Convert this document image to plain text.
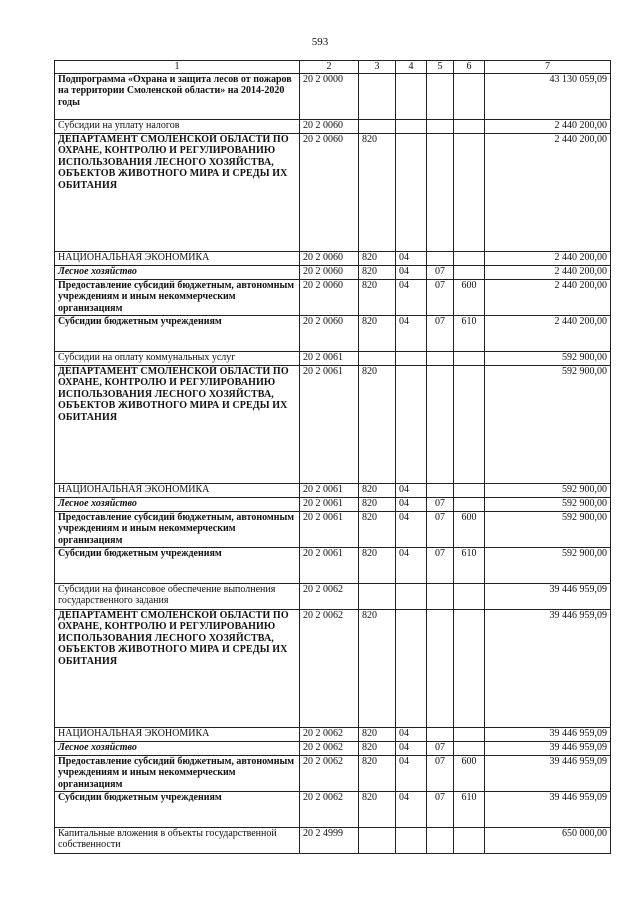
593
1	2	3	4	5	6	7
Подпрограмма «Охрана и защита лесов от пожаров на территории Смоленской области» на 2014-2020 годы	20 2 0000					43 130 059,09
Субсидии на уплату налогов	20 2 0060					2 440 200,00
ДЕПАРТАМЕНТ СМОЛЕНСКОЙ ОБЛАСТИ ПО ОХРАНЕ, КОНТРОЛЮ И РЕГУЛИРОВАНИЮ ИСПОЛЬЗОВАНИЯ ЛЕСНОГО ХОЗЯЙСТВА, ОБЪЕКТОВ ЖИВОТНОГО МИРА И СРЕДЫ ИХ ОБИТАНИЯ	20 2 0060	820				2 440 200,00
НАЦИОНАЛЬНАЯ ЭКОНОМИКА	20 2 0060	820	04			2 440 200,00
Лесное хозяйство	20 2 0060	820	04	07		2 440 200,00
Предоставление субсидий бюджетным, автономным учреждениям и иным некоммерческим организациям	20 2 0060	820	04	07	600	2 440 200,00
Субсидии бюджетным учреждениям	20 2 0060	820	04	07	610	2 440 200,00
Субсидии на оплату коммунальных услуг	20 2 0061					592 900,00
ДЕПАРТАМЕНТ СМОЛЕНСКОЙ ОБЛАСТИ ПО ОХРАНЕ, КОНТРОЛЮ И РЕГУЛИРОВАНИЮ ИСПОЛЬЗОВАНИЯ ЛЕСНОГО ХОЗЯЙСТВА, ОБЪЕКТОВ ЖИВОТНОГО МИРА И СРЕДЫ ИХ ОБИТАНИЯ	20 2 0061	820				592 900,00
НАЦИОНАЛЬНАЯ ЭКОНОМИКА	20 2 0061	820	04			592 900,00
Лесное хозяйство	20 2 0061	820	04	07		592 900,00
Предоставление субсидий бюджетным, автономным учреждениям и иным некоммерческим организациям	20 2 0061	820	04	07	600	592 900,00
Субсидии бюджетным учреждениям	20 2 0061	820	04	07	610	592 900,00
Субсидии на финансовое обеспечение выполнения государственного задания	20 2 0062					39 446 959,09
ДЕПАРТАМЕНТ СМОЛЕНСКОЙ ОБЛАСТИ ПО ОХРАНЕ, КОНТРОЛЮ И РЕГУЛИРОВАНИЮ ИСПОЛЬЗОВАНИЯ ЛЕСНОГО ХОЗЯЙСТВА, ОБЪЕКТОВ ЖИВОТНОГО МИРА И СРЕДЫ ИХ ОБИТАНИЯ	20 2 0062	820				39 446 959,09
НАЦИОНАЛЬНАЯ ЭКОНОМИКА	20 2 0062	820	04			39 446 959,09
Лесное хозяйство	20 2 0062	820	04	07		39 446 959,09
Предоставление субсидий бюджетным, автономным учреждениям и иным некоммерческим организациям	20 2 0062	820	04	07	600	39 446 959,09
Субсидии бюджетным учреждениям	20 2 0062	820	04	07	610	39 446 959,09
Капитальные вложения в объекты государственной собственности	20 2 4999					650 000,00
